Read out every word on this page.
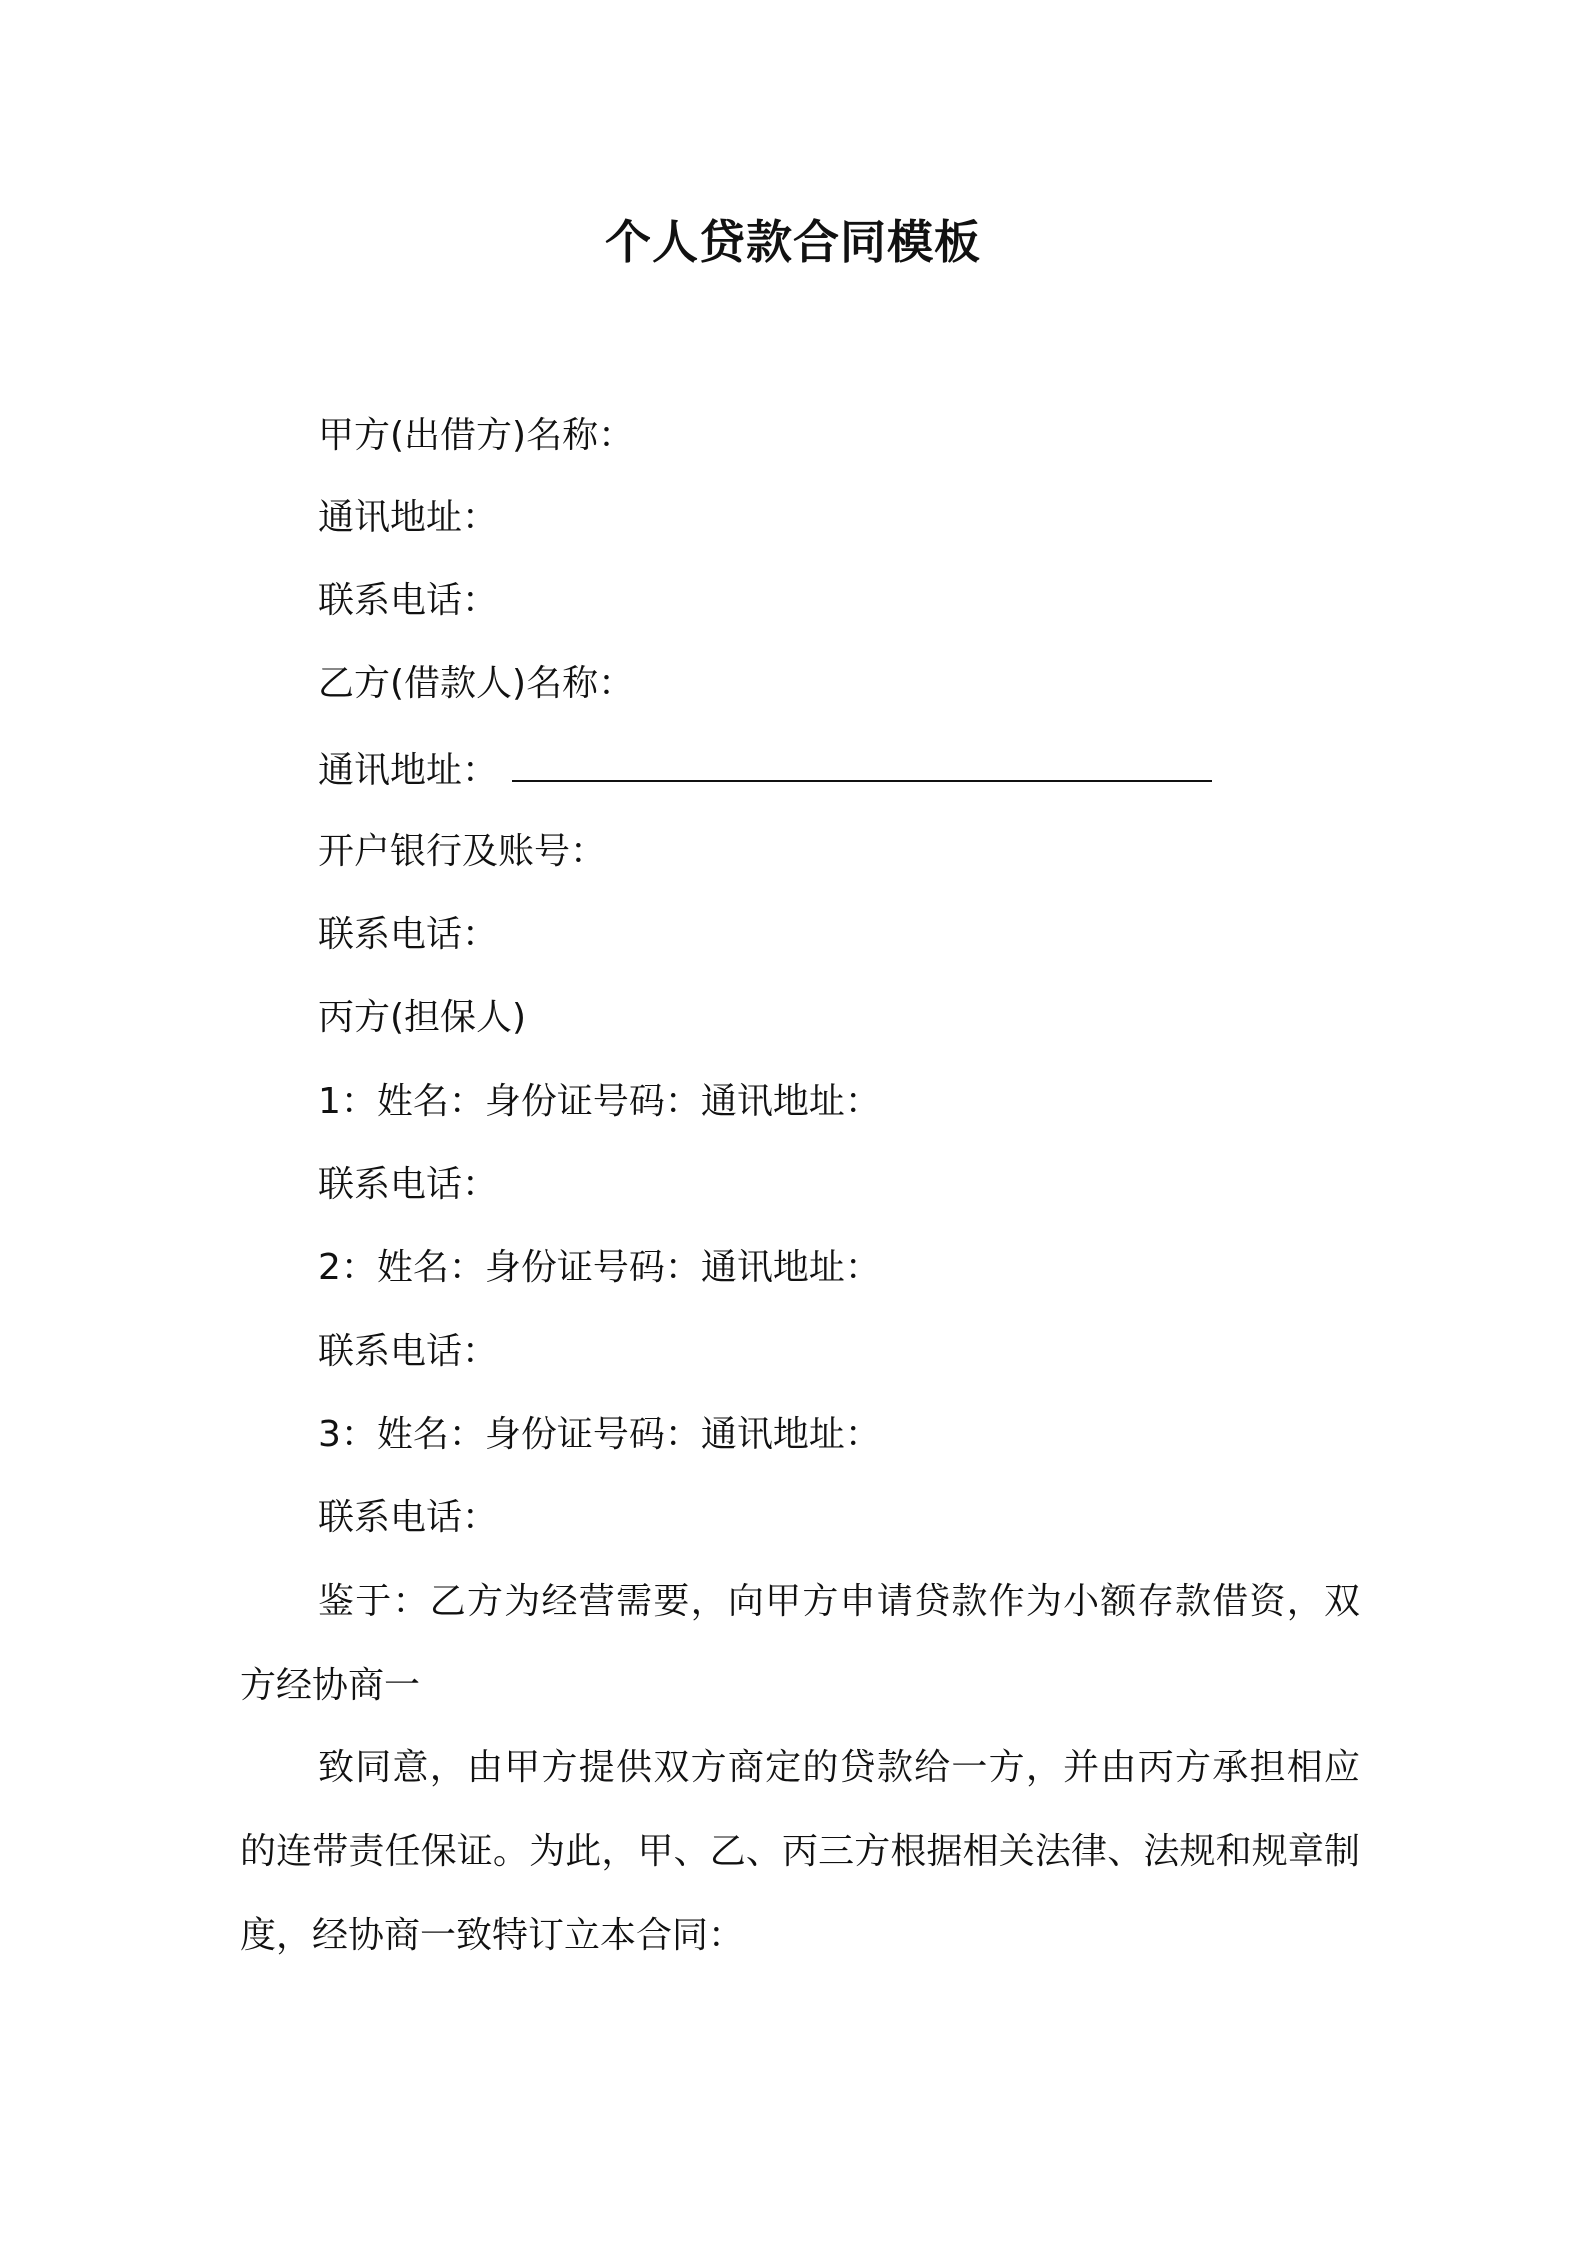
个人贷款合同模板
甲方(出借方)名称：
通讯地址：
联系电话：
乙方(借款人)名称：
通讯地址：
开户银行及账号：
联系电话：
丙方(担保人)
1：姓名：身份证号码：通讯地址：
联系电话：
2：姓名：身份证号码：通讯地址：
联系电话：
3：姓名：身份证号码：通讯地址：
联系电话：
鉴于：乙方为经营需要，向甲方申请贷款作为小额存款借资，双方经协商一
致同意，由甲方提供双方商定的贷款给一方，并由丙方承担相应的连带责任保证。为此，甲、乙、丙三方根据相关法律、法规和规章制度，经协商一致特订立本合同：
